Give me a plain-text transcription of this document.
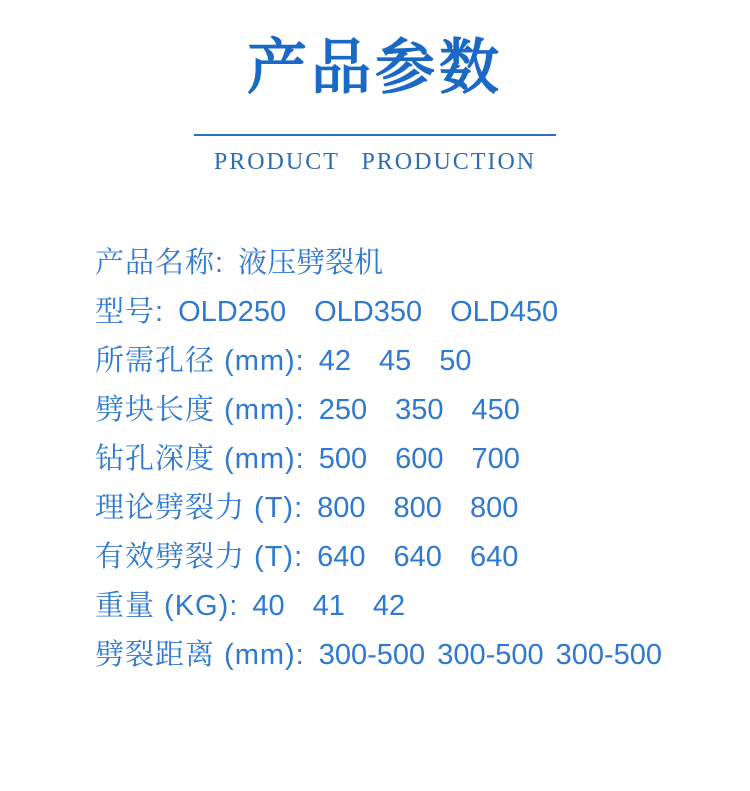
产品参数
PRODUCT PRODUCTION
产品名称: 液压劈裂机
型号: OLD250 OLD350 OLD450
所需孔径 (mm): 42 45 50
劈块长度 (mm): 250 350 450
钻孔深度 (mm): 500 600 700
理论劈裂力 (T): 800 800 800
有效劈裂力 (T): 640 640 640
重量 (KG): 40 41 42
劈裂距离 (mm): 300-500 300-500 300-500
